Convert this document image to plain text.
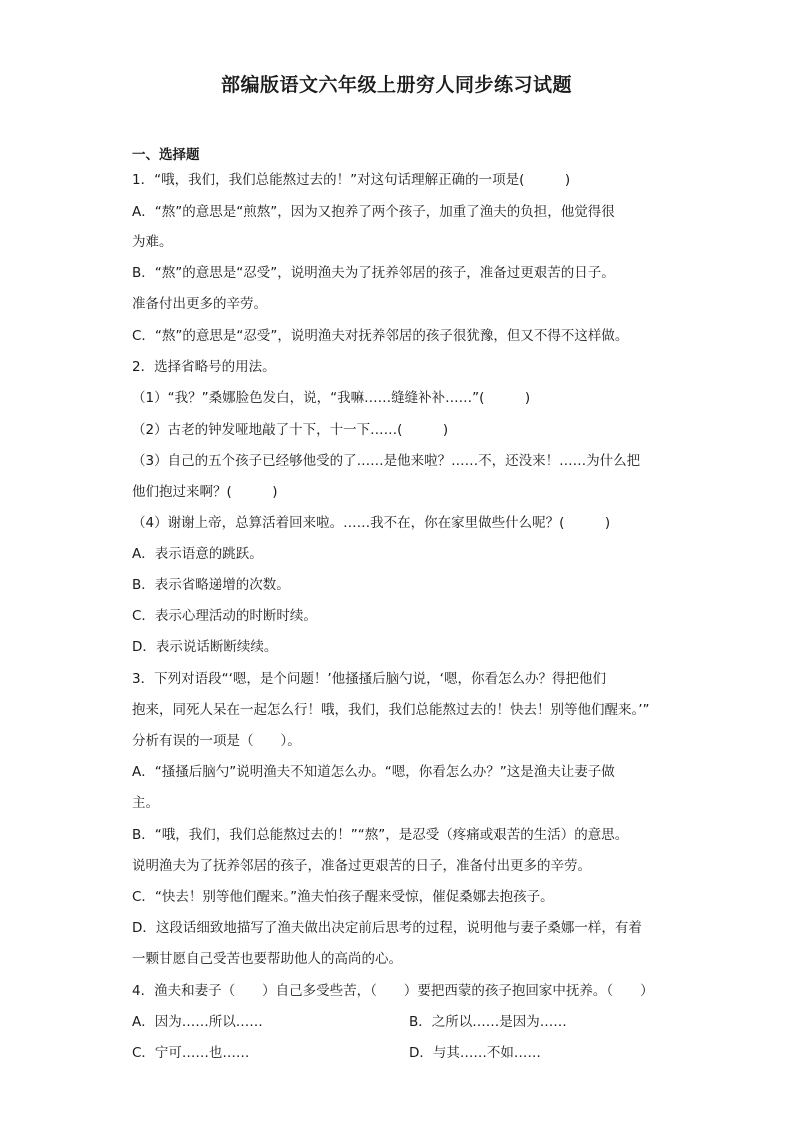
部编版语文六年级上册穷人同步练习试题
一、选择题
1．“哦，我们，我们总能熬过去的！”对这句话理解正确的一项是(　　　)
A．“熬”的意思是“煎熬”，因为又抱养了两个孩子，加重了渔夫的负担，他觉得很
为难。
B．“熬”的意思是“忍受”，说明渔夫为了抚养邻居的孩子，准备过更艰苦的日子。
准备付出更多的辛劳。
C．“熬”的意思是“忍受”，说明渔夫对抚养邻居的孩子很犹豫，但又不得不这样做。
2．选择省略号的用法。
（1）“我？”桑娜脸色发白，说，“我嘛……缝缝补补……”(　　　)
（2）古老的钟发哑地敲了十下，十一下……(　　　)
（3）自己的五个孩子已经够他受的了……是他来啦？……不，还没来！……为什么把
他们抱过来啊？(　　　)
（4）谢谢上帝，总算活着回来啦。……我不在，你在家里做些什么呢？(　　　)
A．表示语意的跳跃。
B．表示省略递增的次数。
C．表示心理活动的时断时续。
D．表示说话断断续续。
3．下列对语段“‘嗯，是个问题！’他搔搔后脑勺说，‘嗯，你看怎么办？得把他们
抱来，同死人呆在一起怎么行！哦，我们，我们总能熬过去的！快去！别等他们醒来。’”
分析有误的一项是（　　）。
A．“搔搔后脑勺”说明渔夫不知道怎么办。“嗯，你看怎么办？”这是渔夫让妻子做
主。
B．“哦，我们，我们总能熬过去的！”“熬”，是忍受（疼痛或艰苦的生活）的意思。
说明渔夫为了抚养邻居的孩子，准备过更艰苦的日子，准备付出更多的辛劳。
C．“快去！别等他们醒来。”渔夫怕孩子醒来受惊，催促桑娜去抱孩子。
D．这段话细致地描写了渔夫做出决定前后思考的过程，说明他与妻子桑娜一样，有着
一颗甘愿自己受苦也要帮助他人的高尚的心。
4．渔夫和妻子（　　）自己多受些苦，（　　）要把西蒙的孩子抱回家中抚养。（　　）
A．因为……所以……	B．之所以……是因为……
C．宁可……也……	D．与其……不如……
